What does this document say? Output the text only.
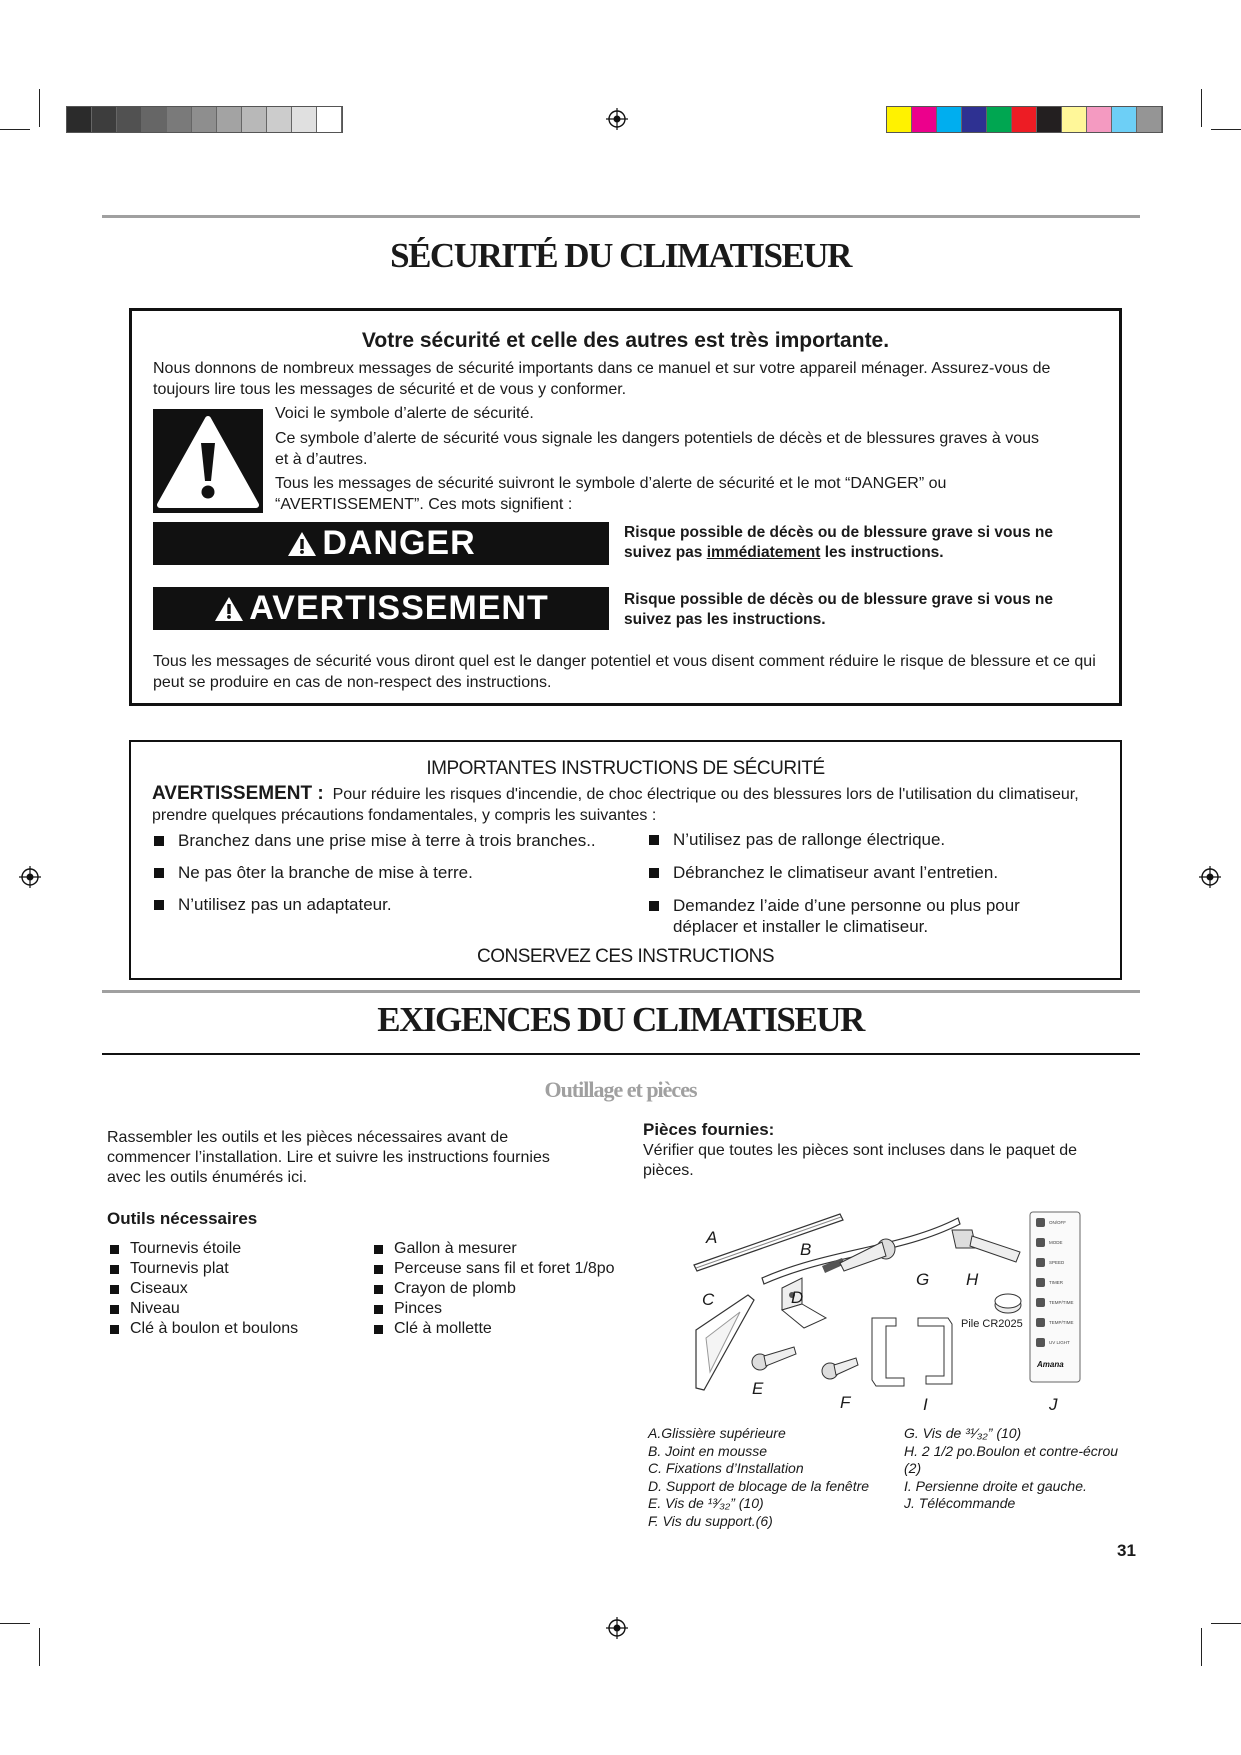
SÉCURITÉ DU CLIMATISEUR
Votre sécurité et celle des autres est très importante.
Nous donnons de nombreux messages de sécurité importants dans ce manuel et sur votre appareil ménager. Assurez-vous de toujours lire tous les messages de sécurité et de vous y conformer.
Voici le symbole d’alerte de sécurité.
Ce symbole d’alerte de sécurité vous signale les dangers potentiels de décès et de blessures graves à vous et à d’autres.
Tous les messages de sécurité suivront le symbole d’alerte de sécurité et le mot “DANGER” ou “AVERTISSEMENT”. Ces mots signifient :
DANGER	Risque possible de décès ou de blessure grave si vous ne suivez pas immédiatement les instructions.
AVERTISSEMENT	Risque possible de décès ou de blessure grave si vous ne suivez pas les instructions.
Tous les messages de sécurité vous diront quel est le danger potentiel et vous disent comment réduire le risque de blessure et ce qui peut se produire en cas de non-respect des instructions.
IMPORTANTES INSTRUCTIONS DE SÉCURITÉ
AVERTISSEMENT : Pour réduire les risques d'incendie, de choc électrique ou des blessures lors de l'utilisation du climatiseur, prendre quelques précautions fondamentales, y compris les suivantes :
Branchez dans une prise mise à terre à trois branches..
Ne pas ôter la branche de mise à terre.
N’utilisez pas un adaptateur.
N’utilisez pas de rallonge électrique.
Débranchez le climatiseur avant l’entretien.
Demandez l’aide d’une personne ou plus pour déplacer et installer le climatiseur.
CONSERVEZ CES INSTRUCTIONS
EXIGENCES DU CLIMATISEUR
Outillage et pièces
Rassembler les outils et les pièces nécessaires avant de commencer l’installation. Lire et suivre les instructions fournies avec les outils énumérés ici.
Outils nécessaires
Tournevis étoile
Tournevis plat
Ciseaux
Niveau
Clé à boulon et boulons
Gallon à mesurer
Perceuse sans fil et foret 1/8po
Crayon de plomb
Pinces
Clé à mollette
Pièces fournies:
Vérifier que toutes les pièces sont incluses dans le paquet de pièces.
ON/OFF
MODE
SPEED
TIMER
TEMP/TIME
TEMP/TIME
UV LIGHT
Amana
A
B
C	D
E
F
G H
I	J
Pile CR2025
A.Glissière supérieure
B. Joint en mousse
C. Fixations d’Installation
D. Support de blocage de la fenêtre
E. Vis de ¹³⁄₃₂” (10)
F. Vis du support.(6)
G. Vis de ³¹⁄₃₂” (10)
H. 2 1/2 po.Boulon et contre-écrou (2)
I. Persienne droite et gauche.
J. Télécommande
31
